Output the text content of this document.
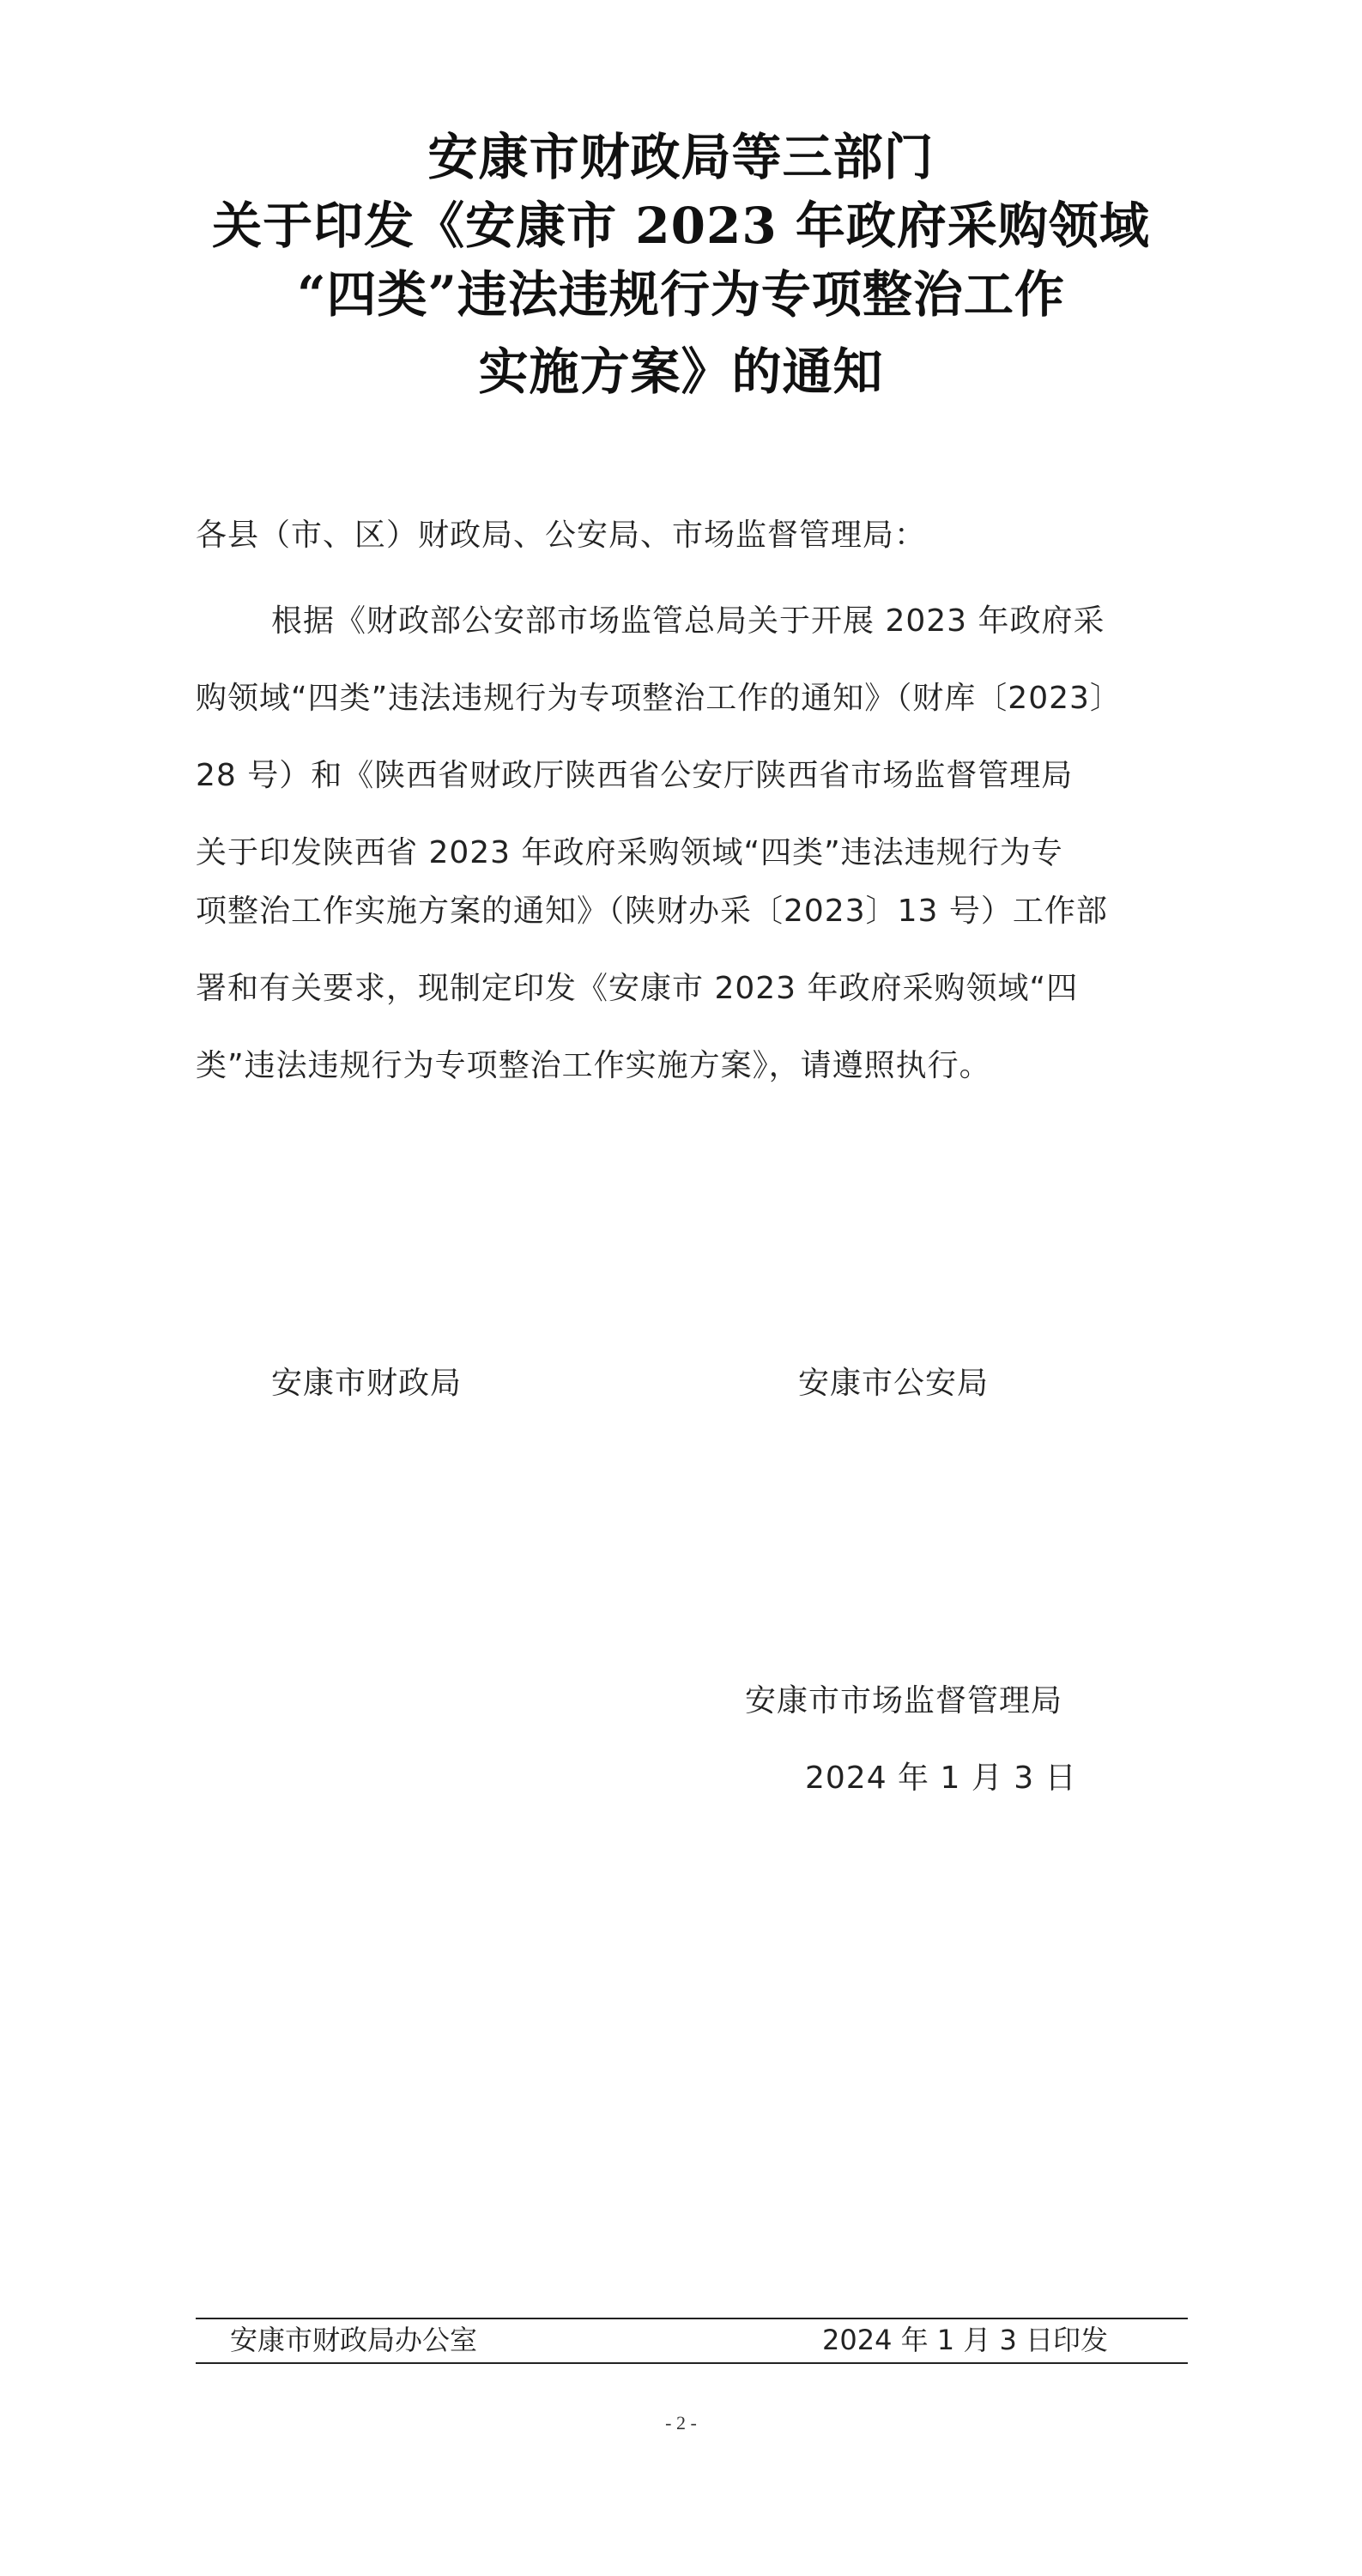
安康市财政局等三部门
关于印发《安康市 2023 年政府采购领域
“四类”违法违规行为专项整治工作
实施方案》的通知
各县（市、区）财政局、公安局、市场监督管理局：
根据《财政部公安部市场监管总局关于开展 2023 年政府采
购领域“四类”违法违规行为专项整治工作的通知》（财库〔2023〕
28 号）和《陕西省财政厅陕西省公安厅陕西省市场监督管理局
关于印发陕西省 2023 年政府采购领域“四类”违法违规行为专
项整治工作实施方案的通知》（陕财办采〔2023〕13 号）工作部
署和有关要求，现制定印发《安康市 2023 年政府采购领域“四
类”违法违规行为专项整治工作实施方案》，请遵照执行。
安康市财政局	安康市公安局
安康市市场监督管理局
2024 年 1 月 3 日
安康市财政局办公室	2024 年 1 月 3 日印发
- 2 -
